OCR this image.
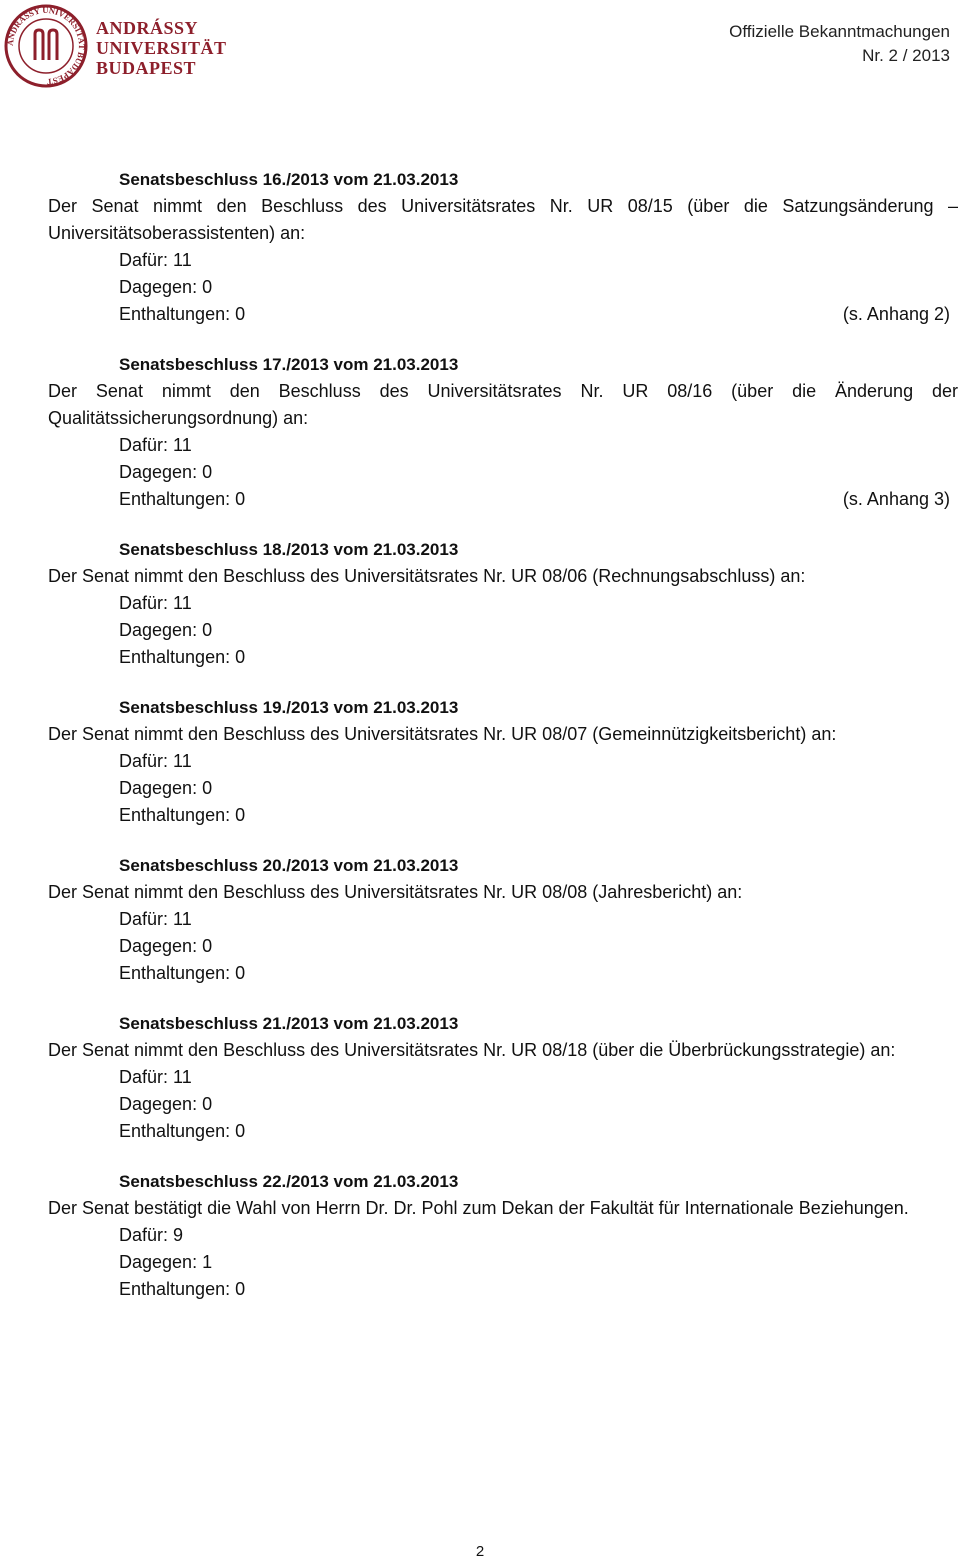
ANDRÁSSY UNIVERSITÄT BUDAPEST
ANDRÁSSY
UNIVERSITÄT
BUDAPEST
Offizielle Bekanntmachungen
Nr. 2 / 2013
Senatsbeschluss 16./2013 vom 21.03.2013
Der Senat nimmt den Beschluss des Universitätsrates Nr. UR 08/15 (über die Satzungsänderung – Universitätsoberassistenten) an:
Dafür: 11
Dagegen: 0
Enthaltungen: 0	(s. Anhang 2)
Senatsbeschluss 17./2013 vom 21.03.2013
Der Senat nimmt den Beschluss des Universitätsrates Nr. UR 08/16 (über die Änderung der Qualitätssicherungsordnung) an:
Dafür: 11
Dagegen: 0
Enthaltungen: 0	(s. Anhang 3)
Senatsbeschluss 18./2013 vom 21.03.2013
Der Senat nimmt den Beschluss des Universitätsrates Nr. UR 08/06 (Rechnungsabschluss) an:
Dafür: 11
Dagegen: 0
Enthaltungen: 0
Senatsbeschluss 19./2013 vom 21.03.2013
Der Senat nimmt den Beschluss des Universitätsrates Nr. UR 08/07 (Gemeinnützigkeitsbericht) an:
Dafür: 11
Dagegen: 0
Enthaltungen: 0
Senatsbeschluss 20./2013 vom 21.03.2013
Der Senat nimmt den Beschluss des Universitätsrates Nr. UR 08/08 (Jahresbericht) an:
Dafür: 11
Dagegen: 0
Enthaltungen: 0
Senatsbeschluss 21./2013 vom 21.03.2013
Der Senat nimmt den Beschluss des Universitätsrates Nr. UR 08/18 (über die Überbrückungsstrategie) an:
Dafür: 11
Dagegen: 0
Enthaltungen: 0
Senatsbeschluss 22./2013 vom 21.03.2013
Der Senat bestätigt die Wahl von Herrn Dr. Dr. Pohl zum Dekan der Fakultät für Internationale Beziehungen.
Dafür: 9
Dagegen: 1
Enthaltungen: 0
2
